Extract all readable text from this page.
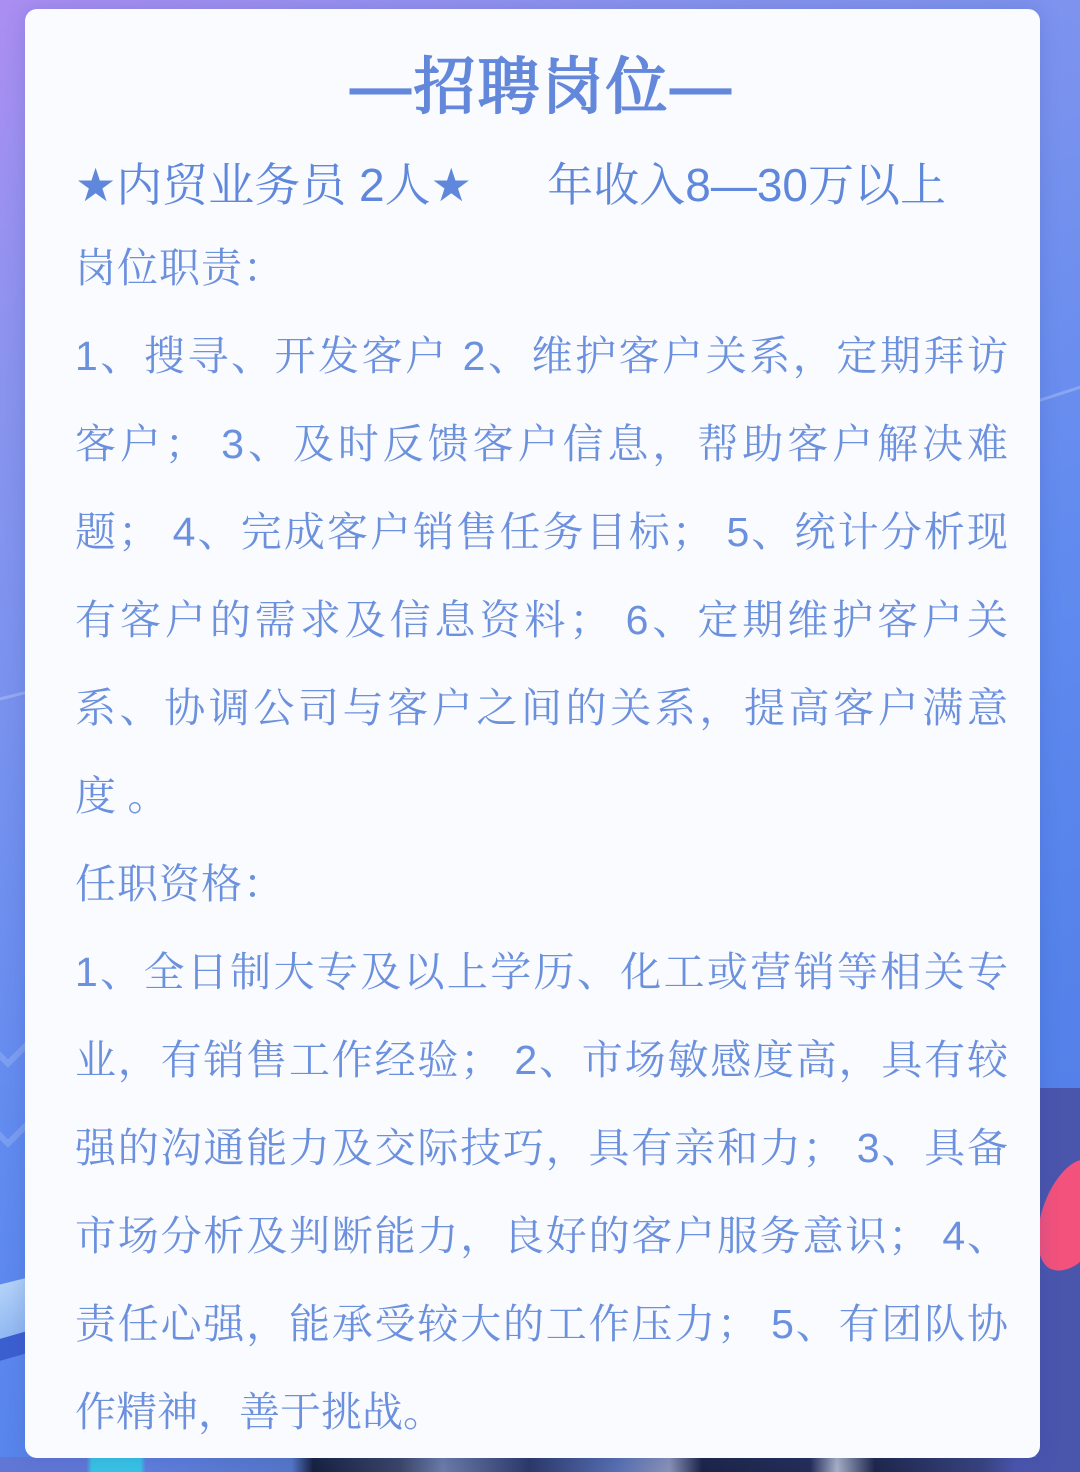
—招聘岗位—
★内贸业务员 2人★ 年收入8—30万以上
岗位职责：
1、搜寻、开发客户 2、维护客户关系，定期拜访
客户； 3、及时反馈客户信息，帮助客户解决难
题； 4、完成客户销售任务目标； 5、统计分析现
有客户的需求及信息资料； 6、定期维护客户关
系、协调公司与客户之间的关系，提高客户满意
度 。
任职资格：
1、全日制大专及以上学历、化工或营销等相关专
业，有销售工作经验； 2、市场敏感度高，具有较
强的沟通能力及交际技巧，具有亲和力； 3、具备
市场分析及判断能力，良好的客户服务意识； 4、
责任心强，能承受较大的工作压力； 5、有团队协
作精神，善于挑战。
